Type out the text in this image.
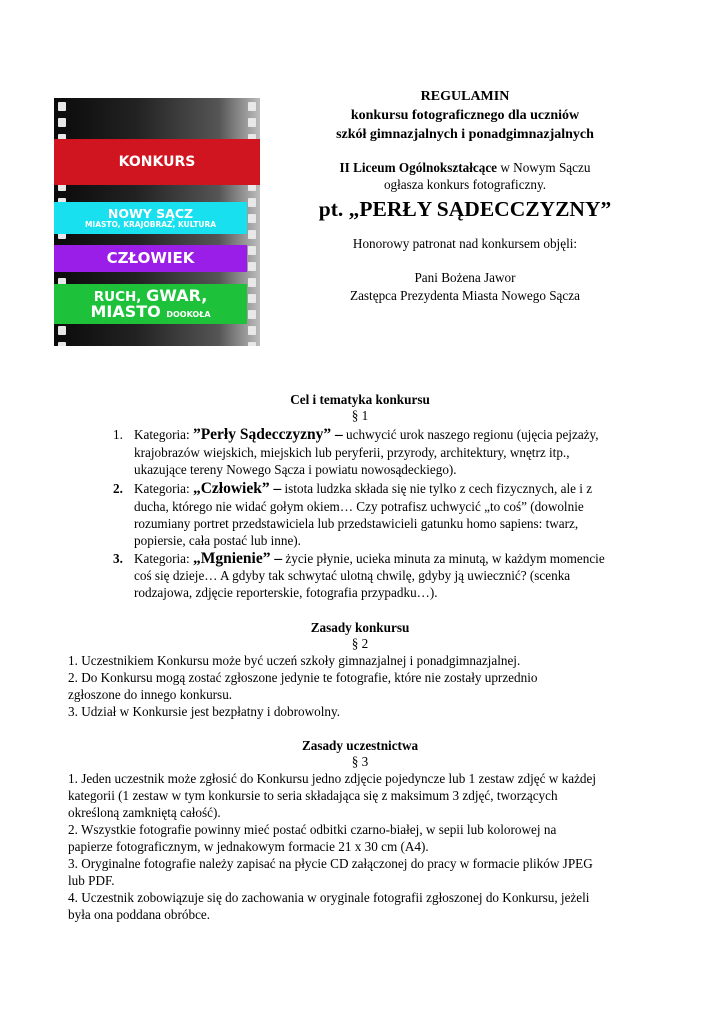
KONKURS
NOWY SĄCZ
MIASTO, KRAJOBRAZ, KULTURA
CZŁOWIEK
RUCH, GWAR,
MIASTO DOOKOŁA
REGULAMIN
konkursu fotograficznego dla uczniów
szkół gimnazjalnych i ponadgimnazjalnych
II Liceum Ogólnokształcące w Nowym Sączu
ogłasza konkurs fotograficzny.
pt. „PERŁY SĄDECCZYZNY”
Honorowy patronat nad konkursem objęli:
Pani Bożena Jawor
Zastępca Prezydenta Miasta Nowego Sącza
Cel i tematyka konkursu
§ 1
1. Kategoria: ”Perły Sądecczyzny” – uchwycić urok naszego regionu (ujęcia pejzaży,
krajobrazów wiejskich, miejskich lub peryferii, przyrody, architektury, wnętrz itp.,
ukazujące tereny Nowego Sącza i powiatu nowosądeckiego).
2. Kategoria: „Człowiek” – istota ludzka składa się nie tylko z cech fizycznych, ale i z
ducha, którego nie widać gołym okiem… Czy potrafisz uchwycić „to coś” (dowolnie
rozumiany portret przedstawiciela lub przedstawicieli gatunku homo sapiens: twarz,
popiersie, cała postać lub inne).
3. Kategoria: „Mgnienie” – życie płynie, ucieka minuta za minutą, w każdym momencie
coś się dzieje… A gdyby tak schwytać ulotną chwilę, gdyby ją uwiecznić? (scenka
rodzajowa, zdjęcie reporterskie, fotografia przypadku…).
Zasady konkursu
§ 2
1. Uczestnikiem Konkursu może być uczeń szkoły gimnazjalnej i ponadgimnazjalnej.
2. Do Konkursu mogą zostać zgłoszone jedynie te fotografie, które nie zostały uprzednio
zgłoszone do innego konkursu.
3. Udział w Konkursie jest bezpłatny i dobrowolny.
Zasady uczestnictwa
§ 3
1. Jeden uczestnik może zgłosić do Konkursu jedno zdjęcie pojedyncze lub 1 zestaw zdjęć w każdej
kategorii (1 zestaw w tym konkursie to seria składająca się z maksimum 3 zdjęć, tworzących
określoną zamkniętą całość).
2. Wszystkie fotografie powinny mieć postać odbitki czarno-białej, w sepii lub kolorowej na
papierze fotograficznym, w jednakowym formacie 21 x 30 cm (A4).
3. Oryginalne fotografie należy zapisać na płycie CD załączonej do pracy w formacie plików JPEG
lub PDF.
4. Uczestnik zobowiązuje się do zachowania w oryginale fotografii zgłoszonej do Konkursu, jeżeli
była ona poddana obróbce.
